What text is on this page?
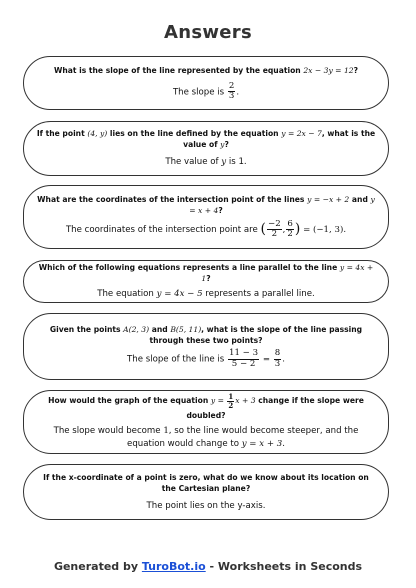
Answers
What is the slope of the line represented by the equation 2x − 3y = 12?
The slope is $\frac{2}{3}$ .
If the point (4, y) lies on the line defined by the equation y = 2x − 7, what is the value of y?
The value of y is 1.
What are the coordinates of the intersection point of the lines y = −x + 2 and y = x + 4?
The coordinates of the intersection point are ( $\frac{-2}{2}$ , $\frac{6}{2}$ ) = (−1, 3).
Which of the following equations represents a line parallel to the line y = 4x + 1?
The equation y = 4x − 5 represents a parallel line.
Given the points A(2, 3) and B(5, 11), what is the slope of the line passing through these two points?
The slope of the line is $\frac{11 - 3}{5 - 2} = \frac{8}{3}$ .
How would the graph of the equation $y = \frac{1}{2}$ x + 3 change if the slope were doubled?
The slope would become 1, so the line would become steeper, and the equation would change to y = x + 3.
If the x-coordinate of a point is zero, what do we know about its location on the Cartesian plane?
The point lies on the y-axis.
Generated by TuroBot.io - Worksheets in Seconds
